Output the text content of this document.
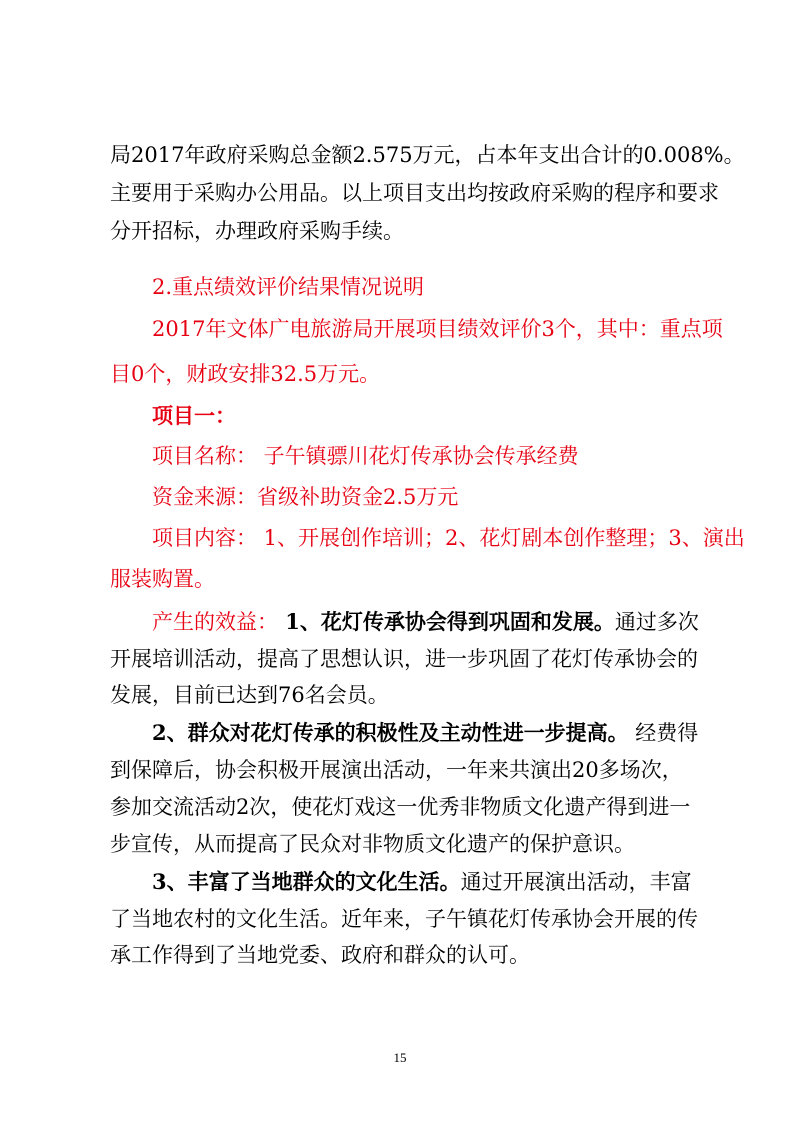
局2017年政府采购总金额2.575万元，占本年支出合计的0.008%。

主要用于采购办公用品。以上项目支出均按政府采购的程序和要求

分开招标，办理政府采购手续。

2.重点绩效评价结果情况说明

2017年文体广电旅游局开展项目绩效评价3个，其中：重点项

目0个，财政安排32.5万元。

项目一：

项目名称： 子午镇骠川花灯传承协会传承经费

资金来源：省级补助资金2.5万元

项目内容： 1、开展创作培训；2、花灯剧本创作整理；3、演出

服装购置。

产生的效益： 1、花灯传承协会得到巩固和发展。通过多次

开展培训活动，提高了思想认识，进一步巩固了花灯传承协会的

发展，目前已达到76名会员。

2、群众对花灯传承的积极性及主动性进一步提高。 经费得

到保障后，协会积极开展演出活动，一年来共演出20多场次，

参加交流活动2次，使花灯戏这一优秀非物质文化遗产得到进一

步宣传，从而提高了民众对非物质文化遗产的保护意识。

3、丰富了当地群众的文化生活。通过开展演出活动，丰富

了当地农村的文化生活。近年来，子午镇花灯传承协会开展的传

承工作得到了当地党委、政府和群众的认可。

15
